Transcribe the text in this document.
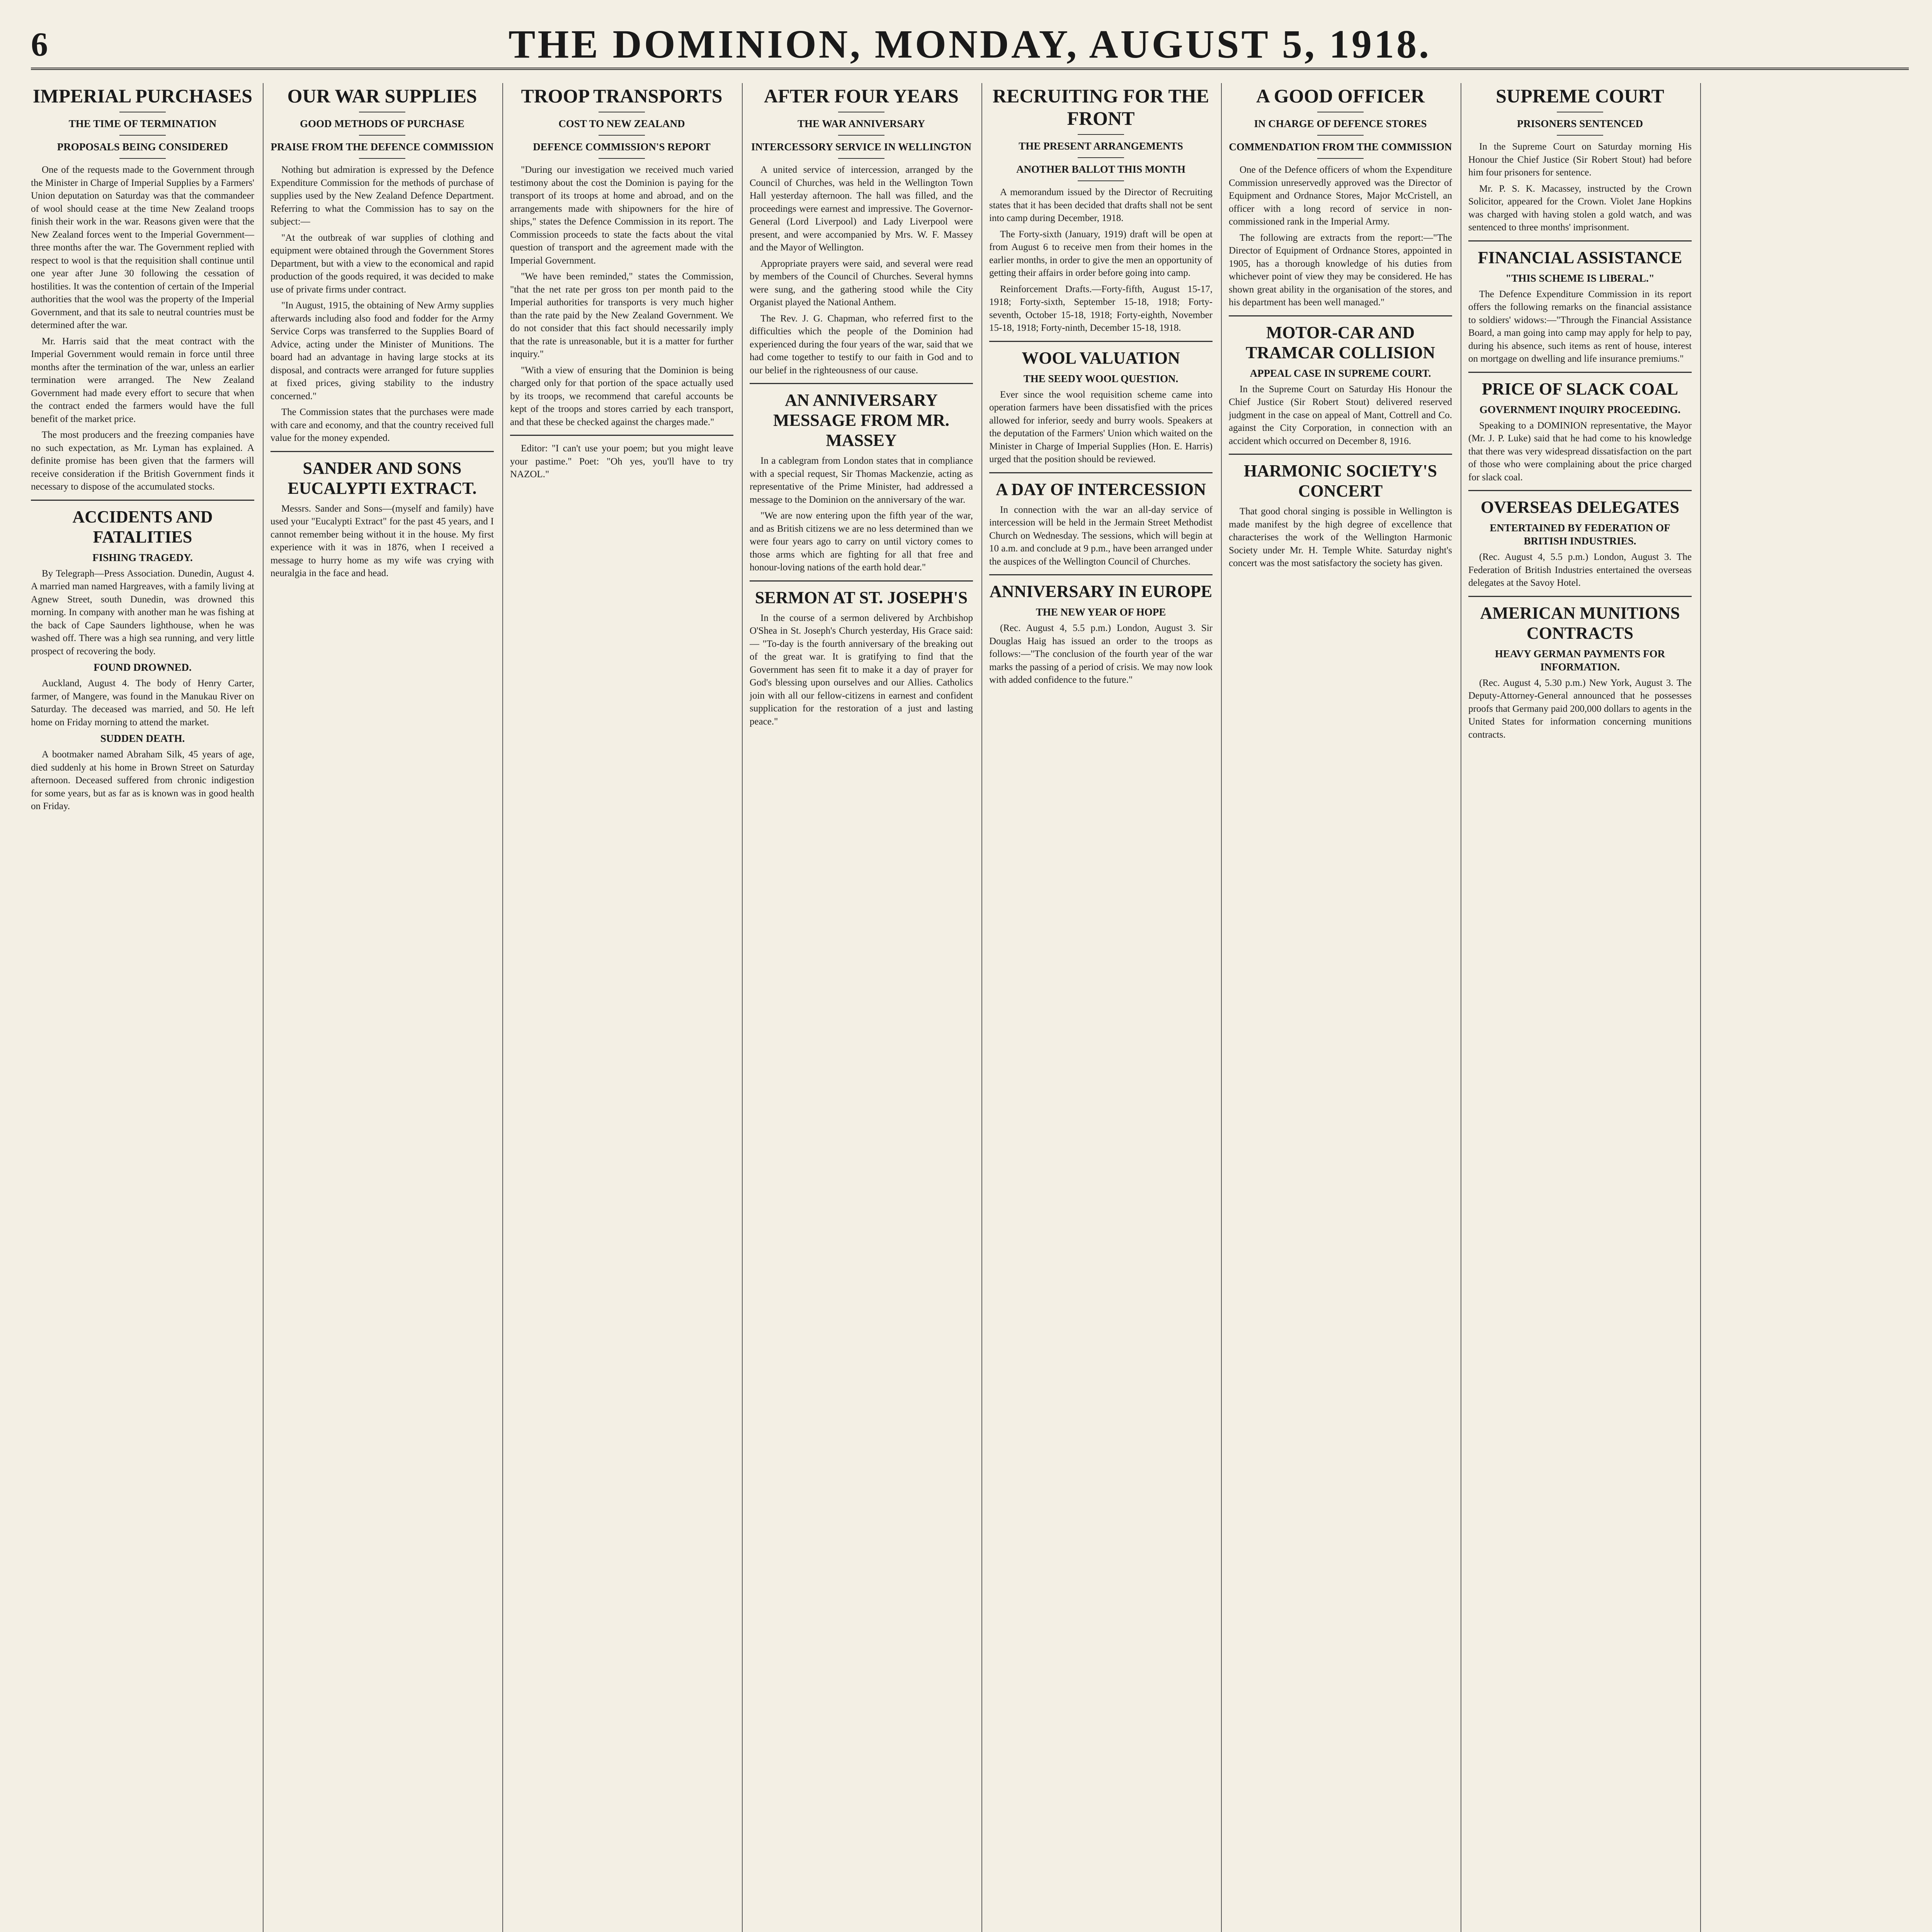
6	THE DOMINION, MONDAY, AUGUST 5, 1918.
IMPERIAL PURCHASES
THE TIME OF TERMINATION
PROPOSALS BEING CONSIDERED

One of the requests made to the Government through the Minister in Charge of Imperial Supplies by a Farmers' Union deputation on Saturday was that the commandeer of wool should cease at the time New Zealand troops finish their work in the war. Reasons given were that the New Zealand forces went to the Imperial Government—three months after the war. The Government replied with respect to wool is that the requisition shall continue until one year after June 30 following the cessation of hostilities. It was the contention of certain of the Imperial authorities that the wool was the property of the Imperial Government, and that its sale to neutral countries must be determined after the war.

Mr. Harris said that the meat contract with the Imperial Government would remain in force until three months after the termination of the war, unless an earlier termination were arranged. The New Zealand Government had made every effort to secure that when the contract ended the farmers would have the full benefit of the market price.

The most producers and the freezing companies have no such expectation, as Mr. Lyman has explained. A definite promise has been given that the farmers will receive consideration if the British Government finds it necessary to dispose of the accumulated stocks.

ACCIDENTS AND FATALITIES
FISHING TRAGEDY.

By Telegraph—Press Association. Dunedin, August 4. A married man named Hargreaves, with a family living at Agnew Street, south Dunedin, was drowned this morning. In company with another man he was fishing at the back of Cape Saunders lighthouse, when he was washed off. There was a high sea running, and very little prospect of recovering the body.

FOUND DROWNED.

Auckland, August 4. The body of Henry Carter, farmer, of Mangere, was found in the Manukau River on Saturday. The deceased was married, and 50. He left home on Friday morning to attend the market.

SUDDEN DEATH.

A bootmaker named Abraham Silk, 45 years of age, died suddenly at his home in Brown Street on Saturday afternoon. Deceased suffered from chronic indigestion for some years, but as far as is known was in good health on Friday.

OUR WAR SUPPLIES
GOOD METHODS OF PURCHASE
PRAISE FROM THE DEFENCE COMMISSION

Nothing but admiration is expressed by the Defence Expenditure Commission for the methods of purchase of supplies used by the New Zealand Defence Department. Referring to what the Commission has to say on the subject:—

"At the outbreak of war supplies of clothing and equipment were obtained through the Government Stores Department, but with a view to the economical and rapid production of the goods required, it was decided to make use of private firms under contract.

"In August, 1915, the obtaining of New Army supplies afterwards including also food and fodder for the Army Service Corps was transferred to the Supplies Board of Advice, acting under the Minister of Munitions. The board had an advantage in having large stocks at its disposal, and contracts were arranged for future supplies at fixed prices, giving stability to the industry concerned."

The Commission states that the purchases were made with care and economy, and that the country received full value for the money expended.

SANDER AND SONS EUCALYPTI EXTRACT.

Messrs. Sander and Sons—(myself and family) have used your "Eucalypti Extract" for the past 45 years, and I cannot remember being without it in the house. My first experience with it was in 1876, when I received a message to hurry home as my wife was crying with neuralgia in the face and head.

TROOP TRANSPORTS
COST TO NEW ZEALAND
DEFENCE COMMISSION'S REPORT

"During our investigation we received much varied testimony about the cost the Dominion is paying for the transport of its troops at home and abroad, and on the arrangements made with shipowners for the hire of ships," states the Defence Commission in its report. The Commission proceeds to state the facts about the vital question of transport and the agreement made with the Imperial Government.

"We have been reminded," states the Commission, "that the net rate per gross ton per month paid to the Imperial authorities for transports is very much higher than the rate paid by the New Zealand Government. We do not consider that this fact should necessarily imply that the rate is unreasonable, but it is a matter for further inquiry."

"With a view of ensuring that the Dominion is being charged only for that portion of the space actually used by its troops, we recommend that careful accounts be kept of the troops and stores carried by each transport, and that these be checked against the charges made."

Editor: "I can't use your poem; but you might leave your pastime." Poet: "Oh yes, you'll have to try NAZOL."

AFTER FOUR YEARS
THE WAR ANNIVERSARY
INTERCESSORY SERVICE IN WELLINGTON

A united service of intercession, arranged by the Council of Churches, was held in the Wellington Town Hall yesterday afternoon. The hall was filled, and the proceedings were earnest and impressive. The Governor-General (Lord Liverpool) and Lady Liverpool were present, and were accompanied by Mrs. W. F. Massey and the Mayor of Wellington.

Appropriate prayers were said, and several were read by members of the Council of Churches. Several hymns were sung, and the gathering stood while the City Organist played the National Anthem.

The Rev. J. G. Chapman, who referred first to the difficulties which the people of the Dominion had experienced during the four years of the war, said that we had come together to testify to our faith in God and to our belief in the righteousness of our cause.

AN ANNIVERSARY MESSAGE FROM MR. MASSEY

In a cablegram from London states that in compliance with a special request, Sir Thomas Mackenzie, acting as representative of the Prime Minister, had addressed a message to the Dominion on the anniversary of the war.

"We are now entering upon the fifth year of the war, and as British citizens we are no less determined than we were four years ago to carry on until victory comes to those arms which are fighting for all that free and honour-loving nations of the earth hold dear."

SERMON AT ST. JOSEPH'S

In the course of a sermon delivered by Archbishop O'Shea in St. Joseph's Church yesterday, His Grace said:— "To-day is the fourth anniversary of the breaking out of the great war. It is gratifying to find that the Government has seen fit to make it a day of prayer for God's blessing upon ourselves and our Allies. Catholics join with all our fellow-citizens in earnest and confident supplication for the restoration of a just and lasting peace."

RECRUITING FOR THE FRONT
THE PRESENT ARRANGEMENTS
ANOTHER BALLOT THIS MONTH

A memorandum issued by the Director of Recruiting states that it has been decided that drafts shall not be sent into camp during December, 1918.

The Forty-sixth (January, 1919) draft will be open at from August 6 to receive men from their homes in the earlier months, in order to give the men an opportunity of getting their affairs in order before going into camp.

Reinforcement Drafts.—Forty-fifth, August 15-17, 1918; Forty-sixth, September 15-18, 1918; Forty-seventh, October 15-18, 1918; Forty-eighth, November 15-18, 1918; Forty-ninth, December 15-18, 1918.

WOOL VALUATION
THE SEEDY WOOL QUESTION.

Ever since the wool requisition scheme came into operation farmers have been dissatisfied with the prices allowed for inferior, seedy and burry wools. Speakers at the deputation of the Farmers' Union which waited on the Minister in Charge of Imperial Supplies (Hon. E. Harris) urged that the position should be reviewed.

A DAY OF INTERCESSION

In connection with the war an all-day service of intercession will be held in the Jermain Street Methodist Church on Wednesday. The sessions, which will begin at 10 a.m. and conclude at 9 p.m., have been arranged under the auspices of the Wellington Council of Churches.

ANNIVERSARY IN EUROPE
THE NEW YEAR OF HOPE

(Rec. August 4, 5.5 p.m.) London, August 3. Sir Douglas Haig has issued an order to the troops as follows:—"The conclusion of the fourth year of the war marks the passing of a period of crisis. We may now look with added confidence to the future."

A GOOD OFFICER
IN CHARGE OF DEFENCE STORES
COMMENDATION FROM THE COMMISSION

One of the Defence officers of whom the Expenditure Commission unreservedly approved was the Director of Equipment and Ordnance Stores, Major McCristell, an officer with a long record of service in non-commissioned rank in the Imperial Army.

The following are extracts from the report:—"The Director of Equipment of Ordnance Stores, appointed in 1905, has a thorough knowledge of his duties from whichever point of view they may be considered. He has shown great ability in the organisation of the stores, and his department has been well managed."

MOTOR-CAR AND TRAMCAR COLLISION
APPEAL CASE IN SUPREME COURT.

In the Supreme Court on Saturday His Honour the Chief Justice (Sir Robert Stout) delivered reserved judgment in the case on appeal of Mant, Cottrell and Co. against the City Corporation, in connection with an accident which occurred on December 8, 1916.

HARMONIC SOCIETY'S CONCERT

That good choral singing is possible in Wellington is made manifest by the high degree of excellence that characterises the work of the Wellington Harmonic Society under Mr. H. Temple White. Saturday night's concert was the most satisfactory the society has given.

SUPREME COURT
PRISONERS SENTENCED

In the Supreme Court on Saturday morning His Honour the Chief Justice (Sir Robert Stout) had before him four prisoners for sentence.

Mr. P. S. K. Macassey, instructed by the Crown Solicitor, appeared for the Crown. Violet Jane Hopkins was charged with having stolen a gold watch, and was sentenced to three months' imprisonment.

FINANCIAL ASSISTANCE
"THIS SCHEME IS LIBERAL."

The Defence Expenditure Commission in its report offers the following remarks on the financial assistance to soldiers' widows:—"Through the Financial Assistance Board, a man going into camp may apply for help to pay, during his absence, such items as rent of house, interest on mortgage on dwelling and life insurance premiums."

PRICE OF SLACK COAL
GOVERNMENT INQUIRY PROCEEDING.

Speaking to a DOMINION representative, the Mayor (Mr. J. P. Luke) said that he had come to his knowledge that there was very widespread dissatisfaction on the part of those who were complaining about the price charged for slack coal.

OVERSEAS DELEGATES
ENTERTAINED BY FEDERATION OF BRITISH INDUSTRIES.

(Rec. August 4, 5.5 p.m.) London, August 3. The Federation of British Industries entertained the overseas delegates at the Savoy Hotel.

AMERICAN MUNITIONS CONTRACTS
HEAVY GERMAN PAYMENTS FOR INFORMATION.

(Rec. August 4, 5.30 p.m.) New York, August 3. The Deputy-Attorney-General announced that he possesses proofs that Germany paid 200,000 dollars to agents in the United States for information concerning munitions contracts.
